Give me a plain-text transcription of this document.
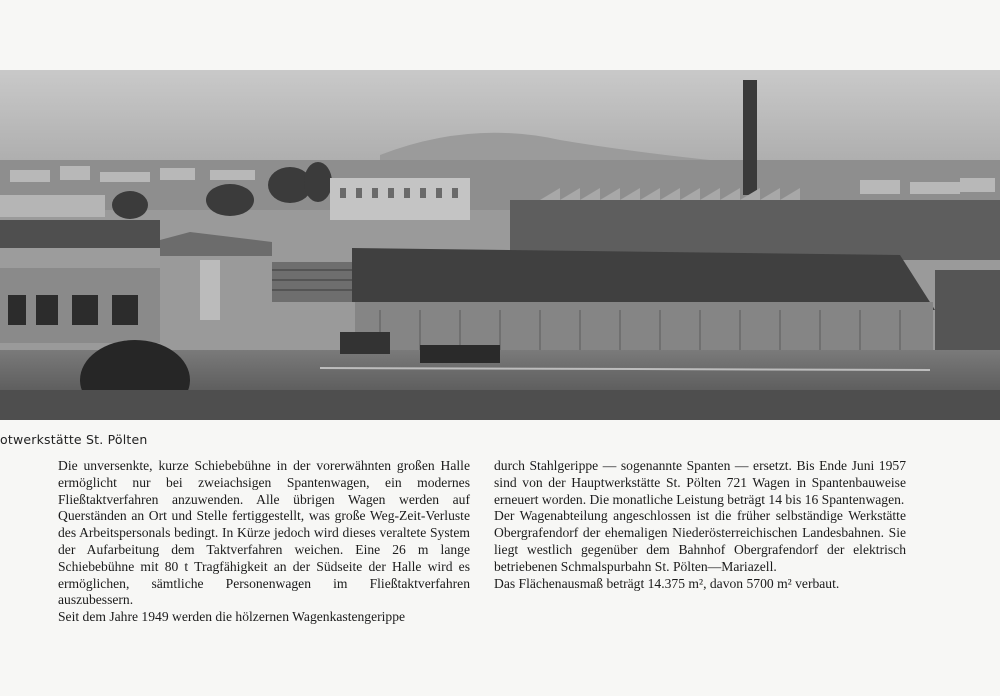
otwerkstätte St. Pölten

Die unversenkte, kurze Schiebebühne in der vorerwähnten großen Halle ermöglicht nur bei zweiachsigen Spantenwagen, ein modernes Fließtaktverfahren anzuwenden. Alle übrigen Wagen werden auf Querständen an Ort und Stelle fertiggestellt, was große Weg-Zeit-Verluste des Arbeitspersonals bedingt. In Kürze jedoch wird dieses veraltete System der Aufarbeitung dem Taktverfahren weichen. Eine 26 m lange Schiebebühne mit 80 t Tragfähigkeit an der Südseite der Halle wird es ermöglichen, sämtliche Personenwagen im Fließtaktverfahren auszubessern.

Seit dem Jahre 1949 werden die hölzernen Wagenkastengerippe

durch Stahlgerippe — sogenannte Spanten — ersetzt. Bis Ende Juni 1957 sind von der Hauptwerkstätte St. Pölten 721 Wagen in Spantenbauweise erneuert worden. Die monatliche Leistung beträgt 14 bis 16 Spantenwagen.

Der Wagenabteilung angeschlossen ist die früher selbständige Werkstätte Obergrafendorf der ehemaligen Niederösterreichischen Landesbahnen. Sie liegt westlich gegenüber dem Bahnhof Obergrafendorf der elektrisch betriebenen Schmalspurbahn St. Pölten—Mariazell.

Das Flächenausmaß beträgt 14.375 m², davon 5700 m² verbaut.
